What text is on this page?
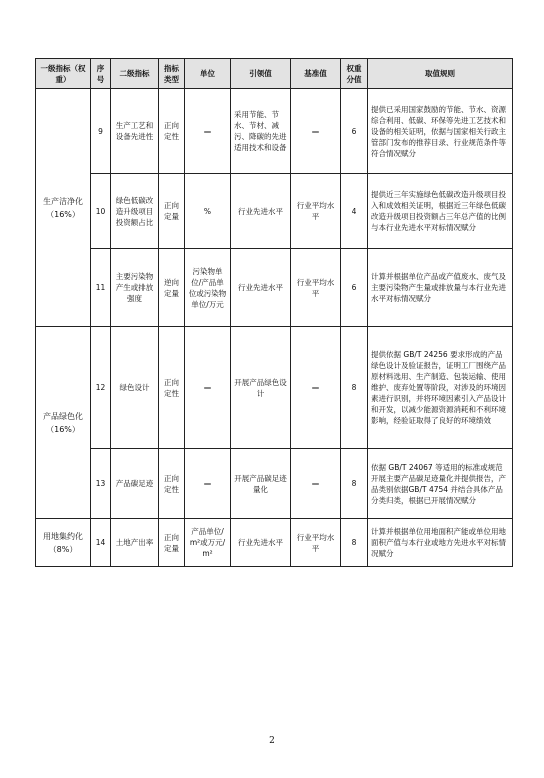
一级指标（权重）	序号	二级指标	指标类型	单位	引领值	基准值	权重分值	取值规则
生产洁净化（16%）	9	生产工艺和设备先进性	正向定性	—	采用节能、节水、节材、减污、降碳的先进适用技术和设备	—	6	提供已采用国家鼓励的节能、节水、资源综合利用、低碳、环保等先进工艺技术和设备的相关证明，依据与国家相关行政主管部门发布的推荐目录、行业规范条件等符合情况赋分
	10	绿色低碳改造升级项目投资额占比	正向定量	%	行业先进水平	行业平均水平	4	提供近三年实施绿色低碳改造升级项目投入和成效相关证明，根据近三年绿色低碳改造升级项目投资额占三年总产值的比例与本行业先进水平对标情况赋分
	11	主要污染物产生或排放强度	逆向定量	污染物单位/产品单位或污染物单位/万元	行业先进水平	行业平均水平	6	计算并根据单位产品或产值废水、废气及主要污染物产生量或排放量与本行业先进水平对标情况赋分
产品绿色化（16%）	12	绿色设计	正向定性	—	开展产品绿色设计	—	8	提供依据 GB/T 24256 要求形成的产品绿色设计及验证报告，证明工厂围绕产品原材料选用、生产制造、包装运输、使用维护、废弃处置等阶段，对涉及的环境因素进行识别，并将环境因素引入产品设计和开发，以减少能源资源消耗和不利环境影响，经验证取得了良好的环境绩效
	13	产品碳足迹	正向定性	—	开展产品碳足迹量化	—	8	依据 GB/T 24067 等适用的标准或规范开展主要产品碳足迹量化并提供报告，产品类别依据GB/T 4754 并结合具体产品分类归类，根据已开展情况赋分
用地集约化（8%）	14	土地产出率	正向定量	产品单位/m²或万元/m²	行业先进水平	行业平均水平	8	计算并根据单位用地面积产能或单位用地面积产值与本行业或地方先进水平对标情况赋分
2
